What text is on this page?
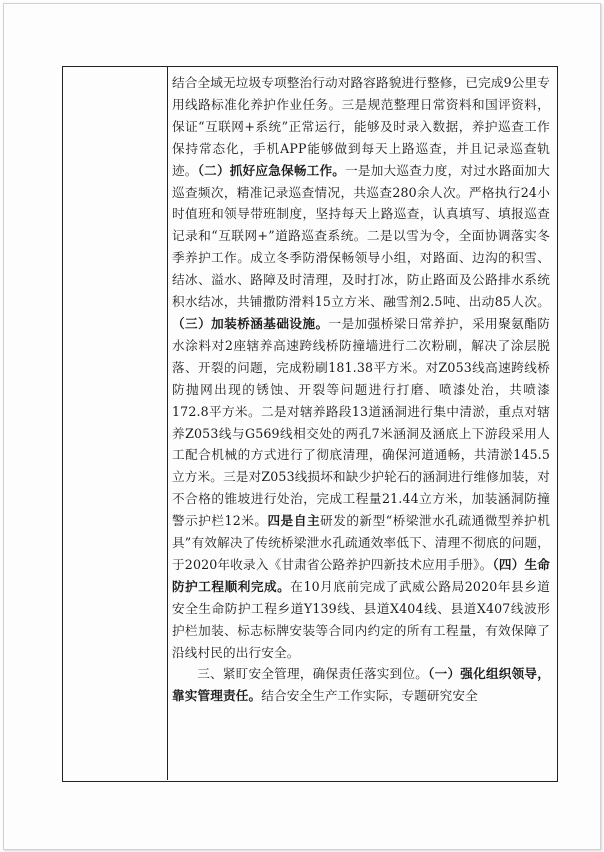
结合全域无垃圾专项整治行动对路容路貌进行整修，已完成9公里专用线路标准化养护作业任务。三是规范整理日常资料和国评资料，保证“互联网+系统”正常运行，能够及时录入数据，养护巡查工作保持常态化，手机APP能够做到每天上路巡查，并且记录巡查轨迹。（二）抓好应急保畅工作。一是加大巡查力度，对过水路面加大巡查频次，精准记录巡查情况，共巡查280余人次。严格执行24小时值班和领导带班制度，坚持每天上路巡查，认真填写、填报巡查记录和“互联网+”道路巡查系统。二是以雪为令，全面协调落实冬季养护工作。成立冬季防滑保畅领导小组，对路面、边沟的积雪、结冰、溢水、路障及时清理，及时打冰，防止路面及公路排水系统积水结冰，共铺撒防滑料15立方米、融雪剂2.5吨、出动85人次。（三）加装桥涵基础设施。一是加强桥梁日常养护，采用聚氨酯防水涂料对2座辖养高速跨线桥防撞墙进行二次粉刷，解决了涂层脱落、开裂的问题，完成粉刷181.38平方米。对Z053线高速跨线桥防抛网出现的锈蚀、开裂等问题进行打磨、喷漆处治，共喷漆172.8平方米。二是对辖养路段13道涵洞进行集中清淤，重点对辖养Z053线与G569线相交处的两孔7米涵洞及涵底上下游段采用人工配合机械的方式进行了彻底清理，确保河道通畅，共清淤145.5立方米。三是对Z053线损坏和缺少护轮石的涵洞进行维修加装，对不合格的锥坡进行处治，完成工程量21.44立方米，加装涵洞防撞警示护栏12米。四是自主研发的新型“桥梁泄水孔疏通微型养护机具”有效解决了传统桥梁泄水孔疏通效率低下、清理不彻底的问题，于2020年收录入《甘肃省公路养护四新技术应用手册》。（四）生命防护工程顺利完成。在10月底前完成了武威公路局2020年县乡道安全生命防护工程乡道Y139线、县道X404线、县道X407线波形护栏加装、标志标牌安装等合同内约定的所有工程量，有效保障了沿线村民的出行安全。

三、紧盯安全管理，确保责任落实到位。（一）强化组织领导，靠实管理责任。结合安全生产工作实际，专题研究安全
